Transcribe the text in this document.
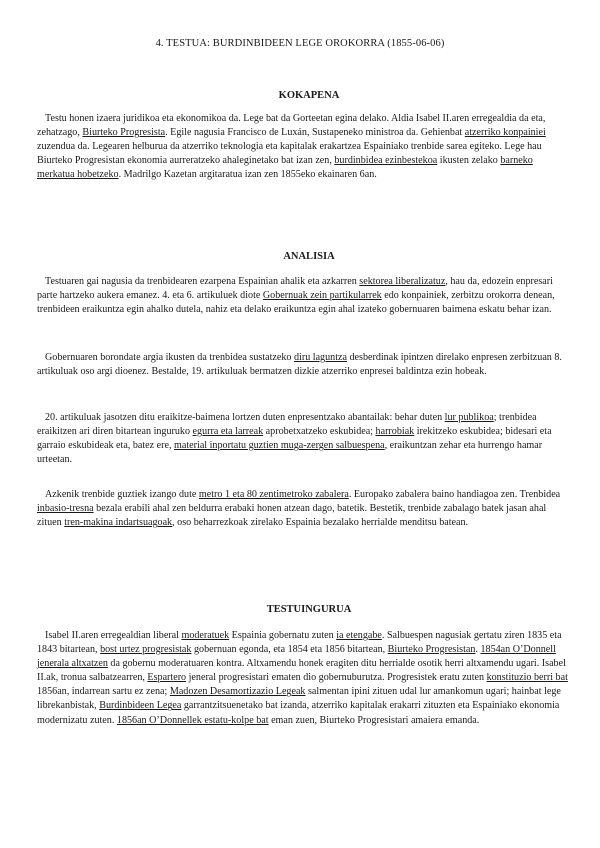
4. TESTUA: BURDINBIDEEN LEGE OROKORRA (1855-06-06)
KOKAPENA

Testu honen izaera juridikoa eta ekonomikoa da. Lege bat da Gorteetan egina delako. Aldia Isabel II.aren erregealdia da eta, zehatzago, Biurteko Progresista. Egile nagusia Francisco de Luxán, Sustapeneko ministroa da. Gehienbat atzerriko konpainiei zuzendua da. Legearen helburua da atzerriko teknologia eta kapitalak erakartzea Espainiako trenbide sarea egiteko. Lege hau Biurteko Progresistan ekonomia aurreratzeko ahaleginetako bat izan zen, burdinbidea ezinbestekoa ikusten zelako barneko merkatua hobetzeko. Madrilgo Kazetan argitaratua izan zen 1855eko ekainaren 6an.

ANALISIA

Testuaren gai nagusia da trenbidearen ezarpena Espainian ahalik eta azkarren sektorea liberalizatuz, hau da, edozein enpresari parte hartzeko aukera emanez. 4. eta 6. artikuluek diote Gobernuak zein partikularrek edo konpainiek, zerbitzu orokorra denean, trenbideen eraikuntza egin ahalko dutela, nahiz eta delako eraikuntza egin ahal izateko gobernuaren baimena eskatu behar izan.

Gobernuaren borondate argia ikusten da trenbidea sustatzeko diru laguntza desberdinak ipintzen direlako enpresen zerbitzuan 8. artikuluak oso argi dioenez. Bestalde, 19. artikuluak bermatzen dizkie atzerriko enpresei baldintza ezin hobeak.

20. artikuluak jasotzen ditu eraikitze-baimena lortzen duten enpresentzako abantailak: behar duten lur publikoa; trenbidea eraikitzen ari diren bitartean inguruko egurra eta larreak aprobetxatzeko eskubidea; harrobiak irekitzeko eskubidea; bidesari eta garraio eskubideak eta, batez ere, material inportatu guztien muga-zergen salbuespena, eraikuntzan zehar eta hurrengo hamar urteetan.

Azkenik trenbide guztiek izango dute metro 1 eta 80 zentimetroko zabalera. Europako zabalera baino handiagoa zen. Trenbidea inbasio-tresna bezala erabili ahal zen beldurra erabaki honen atzean dago, batetik. Bestetik, trenbide zabalago batek jasan ahal zituen tren-makina indartsuagoak, oso beharrezkoak zirelako Espainia bezalako herrialde menditsu batean.

TESTUINGURUA

Isabel II.aren erregealdian liberal moderatuek Espainia gobernatu zuten ia etengabe. Salbuespen nagusiak gertatu ziren 1835 eta 1843 bitartean, bost urtez progresistak gobernuan egonda, eta 1854 eta 1856 bitartean, Biurteko Progresistan. 1854an O’Donnell jenerala altxatzen da gobernu moderatuaren kontra. Altxamendu honek eragiten ditu herrialde osotik herri altxamendu ugari. Isabel II.ak, tronua salbatzearren, Espartero jeneral progresistari ematen dio gobernuburutza. Progresistek eratu zuten konstituzio berri bat 1856an, indarrean sartu ez zena; Madozen Desamortizazio Legeak salmentan ipini zituen udal lur amankomun ugari; hainbat lege librekanbistak, Burdinbideen Legea garrantzitsuenetako bat izanda, atzerriko kapitalak erakarri zituzten eta Espainiako ekonomia modernizatu zuten. 1856an O’Donnellek estatu-kolpe bat eman zuen, Biurteko Progresistari amaiera emanda.
